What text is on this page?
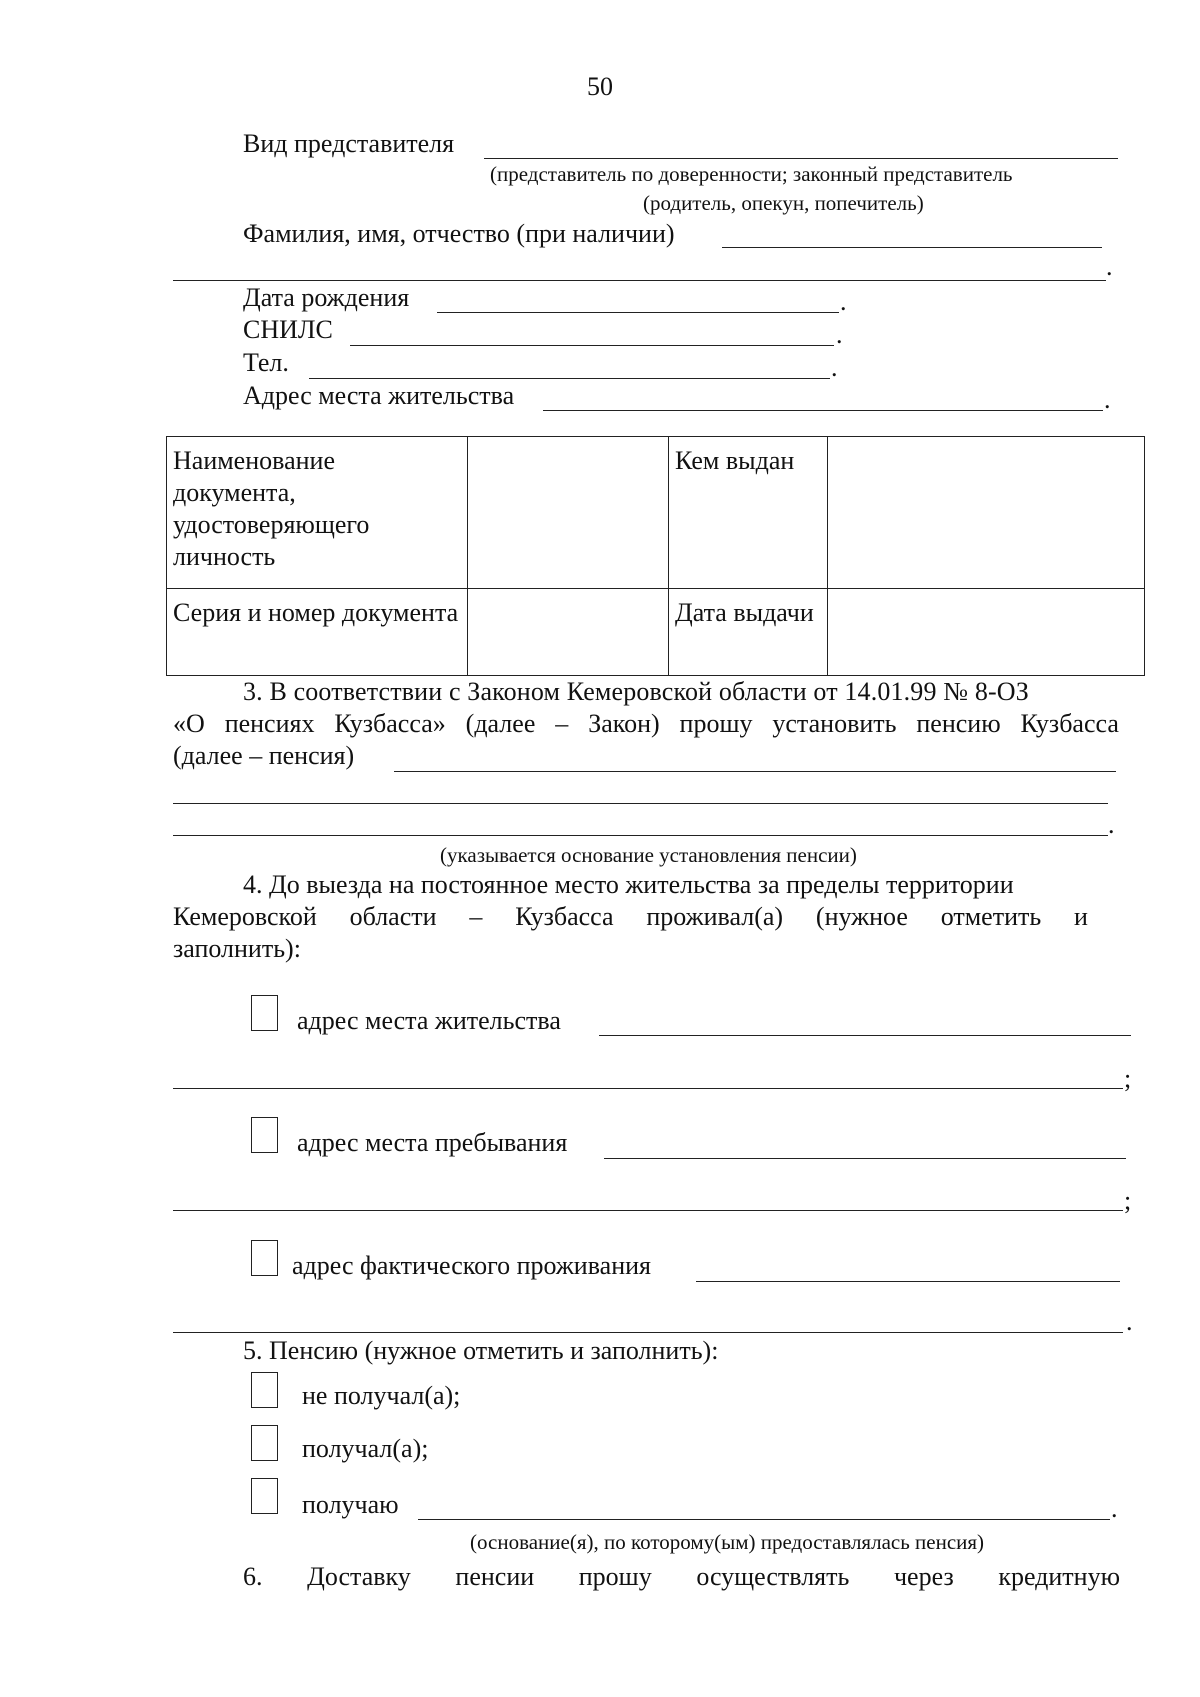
50
Вид представителя
(представитель по доверенности; законный представитель
(родитель, опекун, попечитель)
Фамилия, имя, отчество (при наличии)
.
Дата рождения	.
СНИЛС	.
Тел.	.
Адрес места жительства	.
Наименование документа, удостоверяющего личность		Кем выдан	
Серия и номер документа		Дата выдачи	
3. В соответствии с Законом Кемеровской области от 14.01.99 № 8-ОЗ
«О пенсиях Кузбасса» (далее – Закон) прошу установить пенсию Кузбасса
(далее – пенсия)
.
(указывается основание установления пенсии)
4. До выезда на постоянное место жительства за пределы территории
Кемеровской области – Кузбасса проживал(а) (нужное отметить и
заполнить):
адрес места жительства
;
адрес места пребывания
;
адрес фактического проживания
.
5. Пенсию (нужное отметить и заполнить):
не получал(а);
получал(а);
получаю	.
(основание(я), по которому(ым) предоставлялась пенсия)
6. Доставку пенсии прошу осуществлять через кредитную
